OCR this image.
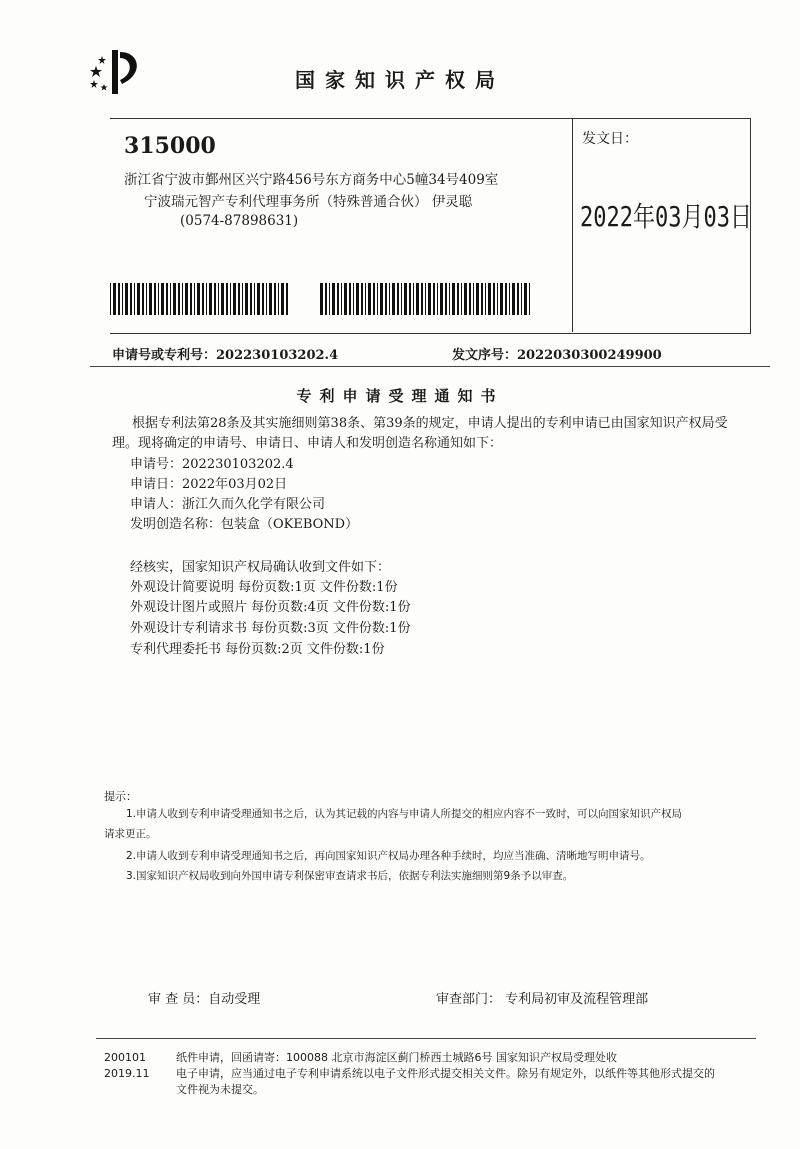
国家知识产权局
315000
浙江省宁波市鄞州区兴宁路456号东方商务中心5幢34号409室
宁波瑞元智产专利代理事务所（特殊普通合伙） 伊灵聪
(0574-87898631)
发文日：
2022年03月03日
申请号或专利号：202230103202.4	发文序号：2022030300249900
专利申请受理通知书
根据专利法第28条及其实施细则第38条、第39条的规定，申请人提出的专利申请已由国家知识产权局受理。现将确定的申请号、申请日、申请人和发明创造名称通知如下：
申请号：202230103202.4
申请日：2022年03月02日
申请人：浙江久而久化学有限公司
发明创造名称：包装盒（OKEBOND）
经核实，国家知识产权局确认收到文件如下：
外观设计简要说明 每份页数:1页 文件份数:1份
外观设计图片或照片 每份页数:4页 文件份数:1份
外观设计专利请求书 每份页数:3页 文件份数:1份
专利代理委托书 每份页数:2页 文件份数:1份
提示：
1.申请人收到专利申请受理通知书之后，认为其记载的内容与申请人所提交的相应内容不一致时，可以向国家知识产权局
请求更正。
2.申请人收到专利申请受理通知书之后，再向国家知识产权局办理各种手续时，均应当准确、清晰地写明申请号。
3.国家知识产权局收到向外国申请专利保密审查请求书后，依据专利法实施细则第9条予以审查。
审 查 员：自动受理	审查部门： 专利局初审及流程管理部
200101
2019.11
纸件申请，回函请寄：100088 北京市海淀区蓟门桥西土城路6号 国家知识产权局受理处收
电子申请，应当通过电子专利申请系统以电子文件形式提交相关文件。除另有规定外，以纸件等其他形式提交的
文件视为未提交。
